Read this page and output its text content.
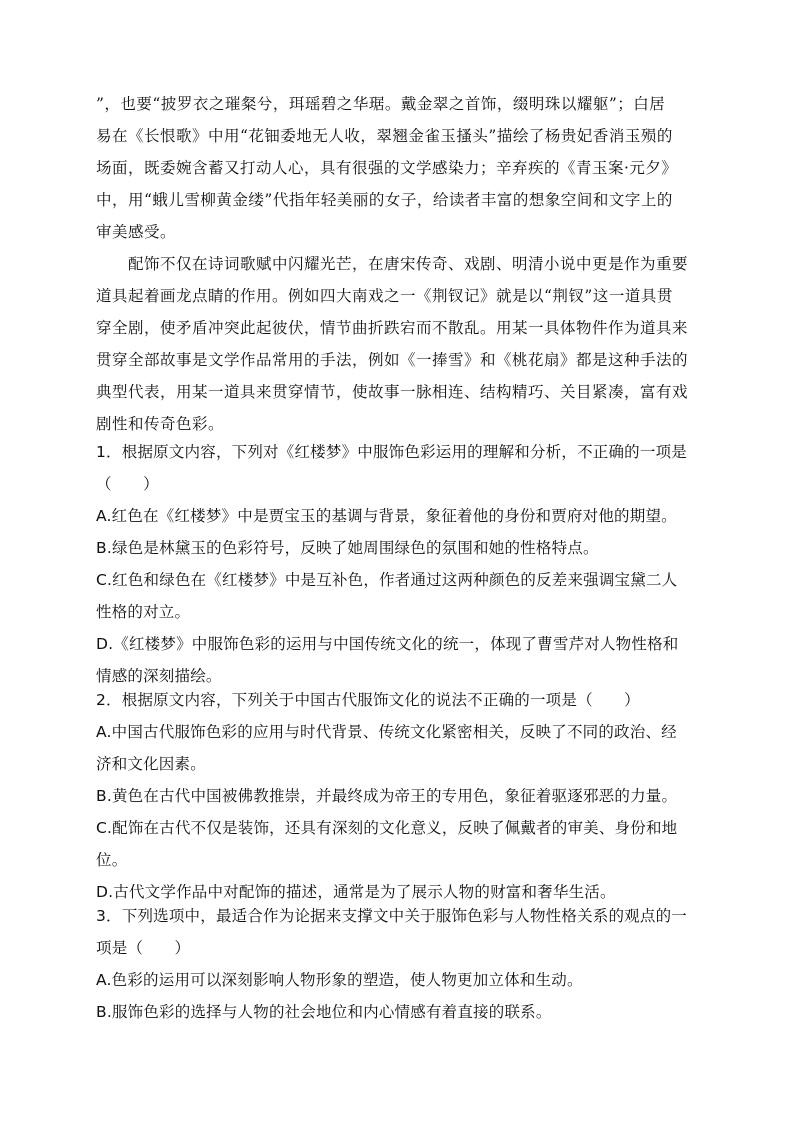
”，也要“披罗衣之璀粲兮，珥瑶碧之华琚。戴金翠之首饰，缀明珠以耀躯”；白居

易在《长恨歌》中用“花钿委地无人收，翠翘金雀玉搔头”描绘了杨贵妃香消玉殒的

场面，既委婉含蓄又打动人心，具有很强的文学感染力；辛弃疾的《青玉案·元夕》

中，用“蛾儿雪柳黄金缕”代指年轻美丽的女子，给读者丰富的想象空间和文字上的

审美感受。

配饰不仅在诗词歌赋中闪耀光芒，在唐宋传奇、戏剧、明清小说中更是作为重要

道具起着画龙点睛的作用。例如四大南戏之一《荆钗记》就是以“荆钗”这一道具贯

穿全剧，使矛盾冲突此起彼伏，情节曲折跌宕而不散乱。用某一具体物件作为道具来

贯穿全部故事是文学作品常用的手法，例如《一捧雪》和《桃花扇》都是这种手法的

典型代表，用某一道具来贯穿情节，使故事一脉相连、结构精巧、关目紧凑，富有戏

剧性和传奇色彩。

1．根据原文内容，下列对《红楼梦》中服饰色彩运用的理解和分析，不正确的一项是

（　　）

A.红色在《红楼梦》中是贾宝玉的基调与背景，象征着他的身份和贾府对他的期望。

B.绿色是林黛玉的色彩符号，反映了她周围绿色的氛围和她的性格特点。

C.红色和绿色在《红楼梦》中是互补色，作者通过这两种颜色的反差来强调宝黛二人

性格的对立。

D.《红楼梦》中服饰色彩的运用与中国传统文化的统一，体现了曹雪芹对人物性格和

情感的深刻描绘。

2．根据原文内容，下列关于中国古代服饰文化的说法不正确的一项是（　　）

A.中国古代服饰色彩的应用与时代背景、传统文化紧密相关，反映了不同的政治、经

济和文化因素。

B.黄色在古代中国被佛教推崇，并最终成为帝王的专用色，象征着驱逐邪恶的力量。

C.配饰在古代不仅是装饰，还具有深刻的文化意义，反映了佩戴者的审美、身份和地

位。

D.古代文学作品中对配饰的描述，通常是为了展示人物的财富和奢华生活。

3．下列选项中，最适合作为论据来支撑文中关于服饰色彩与人物性格关系的观点的一

项是（　　）

A.色彩的运用可以深刻影响人物形象的塑造，使人物更加立体和生动。

B.服饰色彩的选择与人物的社会地位和内心情感有着直接的联系。
